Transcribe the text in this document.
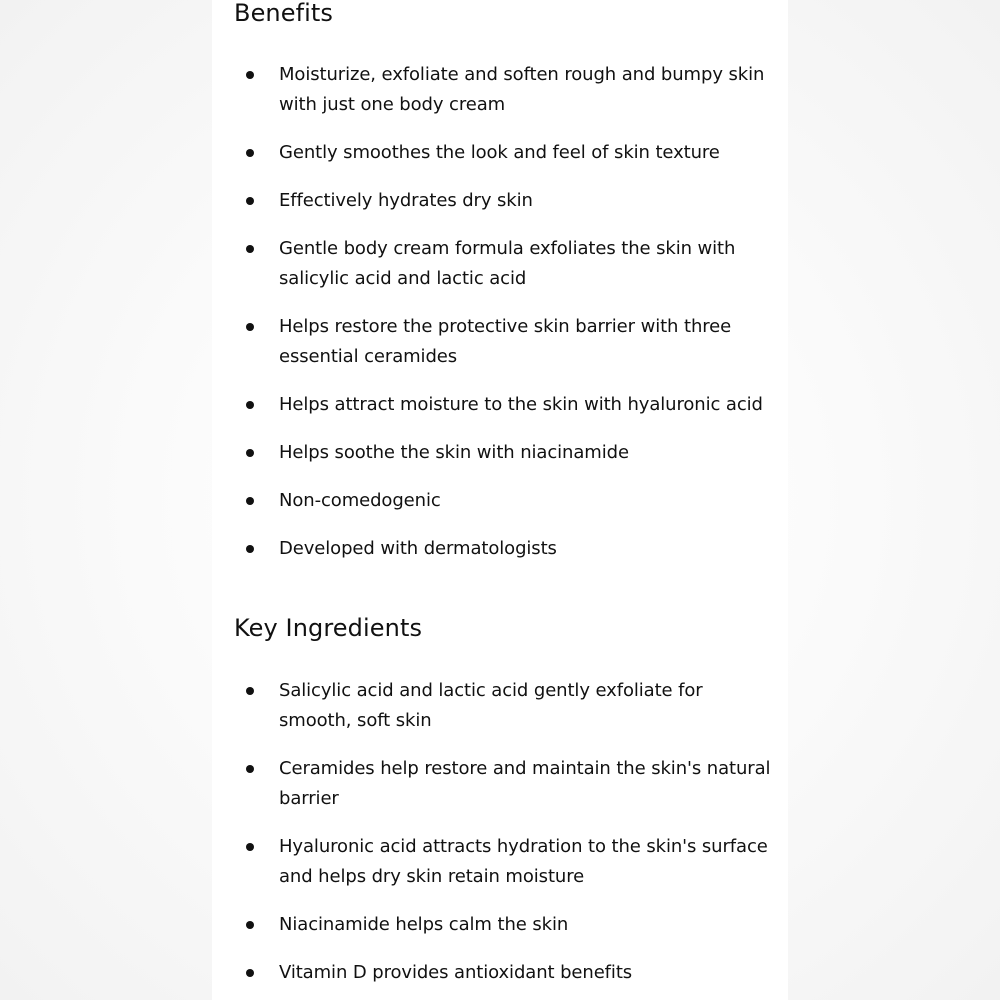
Benefits
Moisturize, exfoliate and soften rough and bumpy skin with just one body cream
Gently smoothes the look and feel of skin texture
Effectively hydrates dry skin
Gentle body cream formula exfoliates the skin with salicylic acid and lactic acid
Helps restore the protective skin barrier with three essential ceramides
Helps attract moisture to the skin with hyaluronic acid
Helps soothe the skin with niacinamide
Non-comedogenic
Developed with dermatologists
Key Ingredients
Salicylic acid and lactic acid gently exfoliate for smooth, soft skin
Ceramides help restore and maintain the skin's natural barrier
Hyaluronic acid attracts hydration to the skin's surface and helps dry skin retain moisture
Niacinamide helps calm the skin
Vitamin D provides antioxidant benefits
